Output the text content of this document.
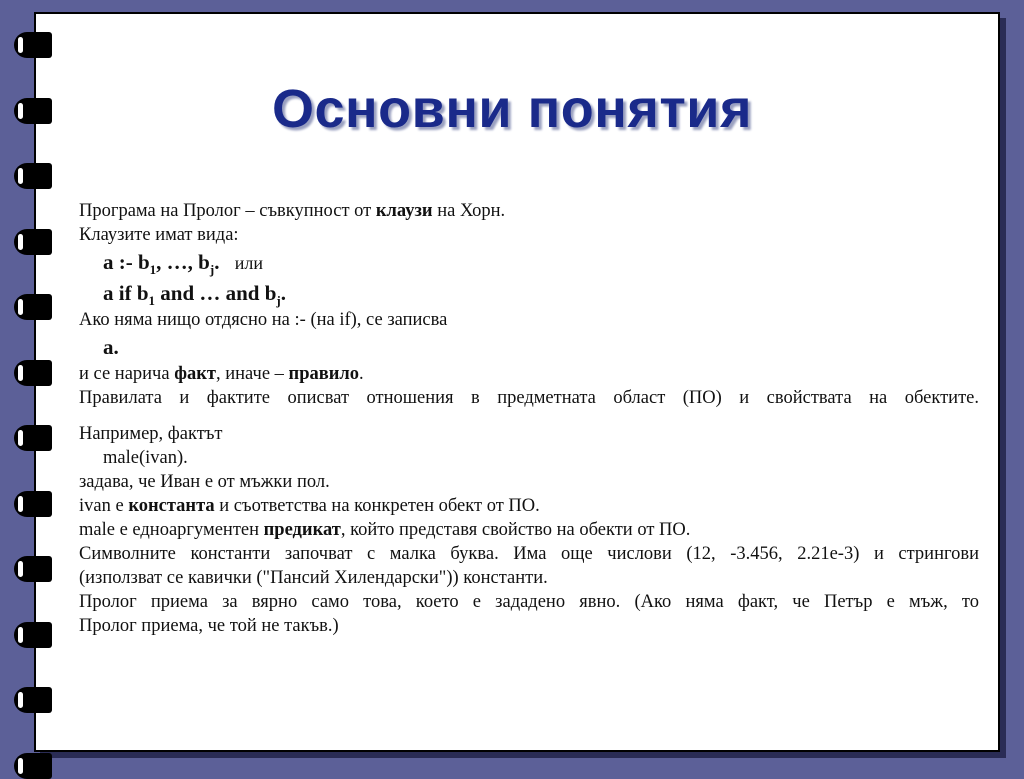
Основни понятия
Програма на Пролог – съвкупност от клаузи на Хорн.
Клаузите имат вида:
a :- $b_1$, …, $b_j$. или
a if $b_1$ and … and $b_j$.
Ако няма нищо отдясно на :- (на if), се записва
a.
и се нарича факт, иначе – правило.
Правилата и фактите описват отношения в предметната област (ПО) и свойствата на обектите.
Например, фактът
male(ivan).
задава, че Иван е от мъжки пол.
ivan е константа и съответства на конкретен обект от ПО.
male е едноаргументен предикат, който представя свойство на обекти от ПО.
Символните константи започват с малка буква. Има още числови (12, -3.456, 2.21e-3) и стрингови
(използват се кавички ("Пансий Хилендарски")) константи.
Пролог приема за вярно само това, което е зададено явно. (Ако няма факт, че Петър е мъж, то
Пролог приема, че той не такъв.)
